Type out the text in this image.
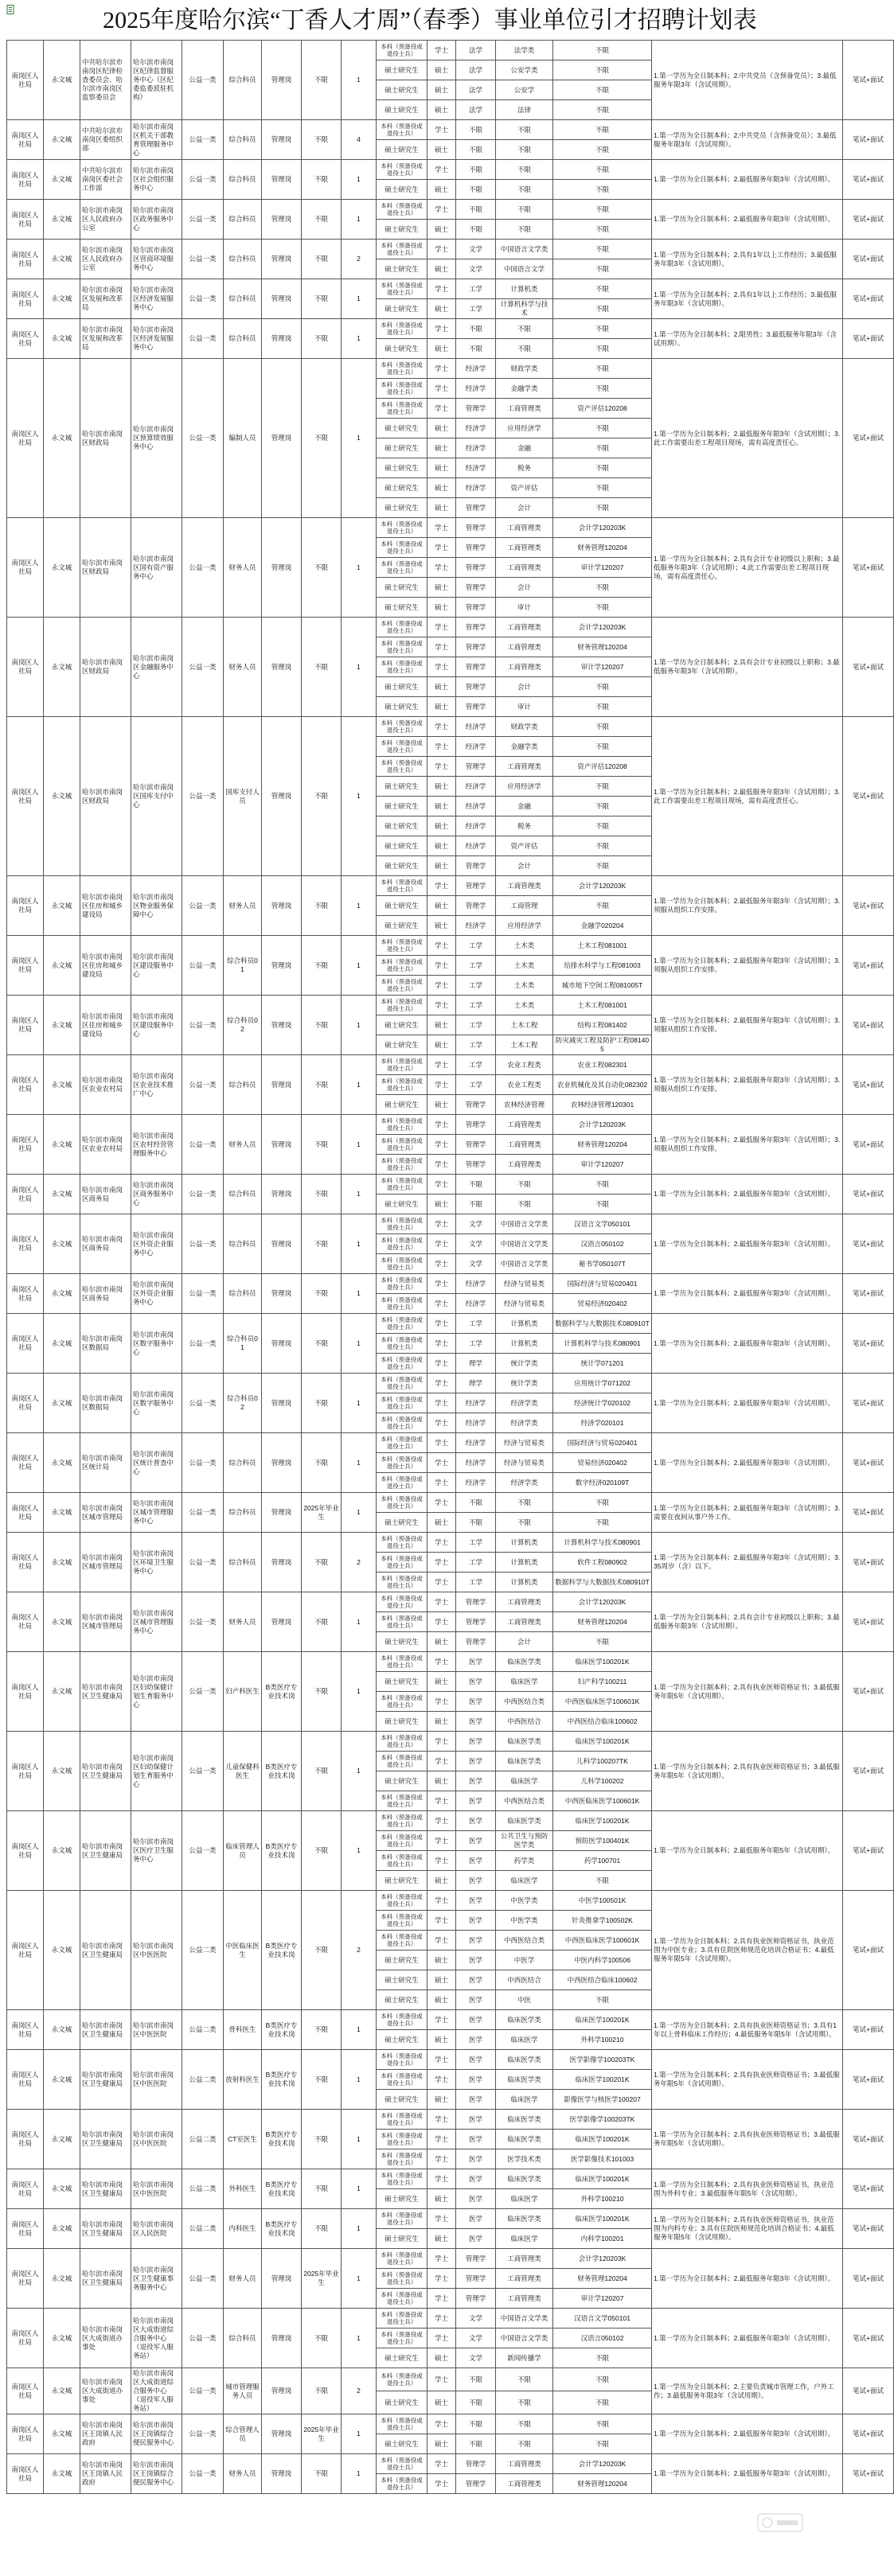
2025年度哈尔滨“丁香人才周”（春季）事业单位引才招聘计划表
南岗区人社局	永文城	中共哈尔滨市南岗区纪律检查委员会、哈尔滨市南岗区监察委员会	哈尔滨市南岗区纪律监督服务中心（区纪委监委派驻机构）	公益一类	综合科员	管理岗	不限	1	本科（预备役或退役士兵）	学士	法学	法学类	不限	1.第一学历为全日制本科；2.中共党员（含预备党员）；3.最低服务年限3年（含试用期）。	笔试+面试
									硕士研究生	硕士	法学	公安学类	不限		
									硕士研究生	硕士	法学	公安学	不限		
									硕士研究生	硕士	法学	法律	不限		
南岗区人社局	永文城	中共哈尔滨市南岗区委组织部	哈尔滨市南岗区机关干部教育管理服务中心	公益一类	综合科员	管理岗	不限	4	本科（预备役或退役士兵）	学士	不限	不限	不限	1.第一学历为全日制本科；2.中共党员（含预备党员）；3.最低服务年限3年（含试用期）。	笔试+面试
									硕士研究生	硕士	不限	不限	不限		
南岗区人社局	永文城	中共哈尔滨市南岗区委社会工作部	哈尔滨市南岗区社会组织服务中心	公益一类	综合科员	管理岗	不限	1	本科（预备役或退役士兵）	学士	不限	不限	不限	1.第一学历为全日制本科；2.最低服务年限3年（含试用期）。	笔试+面试
									硕士研究生	硕士	不限	不限	不限		
南岗区人社局	永文城	哈尔滨市南岗区人民政府办公室	哈尔滨市南岗区政务服务中心	公益一类	综合科员	管理岗	不限	1	本科（预备役或退役士兵）	学士	不限	不限	不限	1.第一学历为全日制本科；2.最低服务年限3年（含试用期）。	笔试+面试
									硕士研究生	硕士	不限	不限	不限		
南岗区人社局	永文城	哈尔滨市南岗区人民政府办公室	哈尔滨市南岗区营商环境服务中心	公益一类	综合科员	管理岗	不限	2	本科（预备役或退役士兵）	学士	文学	中国语言文学类	不限	1.第一学历为全日制本科；2.具有1年以上工作经历；3.最低服务年限3年（含试用期）。	笔试+面试
									硕士研究生	硕士	文学	中国语言文学	不限		
南岗区人社局	永文城	哈尔滨市南岗区发展和改革局	哈尔滨市南岗区经济发展服务中心	公益一类	综合科员	管理岗	不限	1	本科（预备役或退役士兵）	学士	工学	计算机类	不限	1.第一学历为全日制本科；2.具有1年以上工作经历；3.最低服务年限3年（含试用期）。	笔试+面试
									硕士研究生	硕士	工学	计算机科学与技术	不限		
南岗区人社局	永文城	哈尔滨市南岗区发展和改革局	哈尔滨市南岗区经济发展服务中心	公益一类	综合科员	管理岗	不限	1	本科（预备役或退役士兵）	学士	不限	不限	不限	1.第一学历为全日制本科；2.限男性；3.最低服务年限3年（含试用期）。	笔试+面试
									硕士研究生	硕士	不限	不限	不限		
南岗区人社局	永文城	哈尔滨市南岗区财政局	哈尔滨市南岗区预算绩效服务中心	公益一类	编制人员	管理岗	不限	1	本科（预备役或退役士兵）	学士	经济学	财政学类	不限	1.第一学历为全日制本科；2.最低服务年限3年（含试用期）；3.此工作需要出差工程项目现场，需有高度责任心。	笔试+面试
									本科（预备役或退役士兵）	学士	经济学	金融学类	不限		
									本科（预备役或退役士兵）	学士	管理学	工商管理类	资产评估120208		
									硕士研究生	硕士	经济学	应用经济学	不限		
									硕士研究生	硕士	经济学	金融	不限		
									硕士研究生	硕士	经济学	税务	不限		
									硕士研究生	硕士	经济学	资产评估	不限		
									硕士研究生	硕士	管理学	会计	不限		
南岗区人社局	永文城	哈尔滨市南岗区财政局	哈尔滨市南岗区国有资产服务中心	公益一类	财务人员	管理岗	不限	1	本科（预备役或退役士兵）	学士	管理学	工商管理类	会计学120203K	1.第一学历为全日制本科；2.具有会计专业初级以上职称；3.最低服务年限3年（含试用期）；4.此工作需要出差工程项目现场，需有高度责任心。	笔试+面试
									本科（预备役或退役士兵）	学士	管理学	工商管理类	财务管理120204		
									本科（预备役或退役士兵）	学士	管理学	工商管理类	审计学120207		
									硕士研究生	硕士	管理学	会计	不限		
									硕士研究生	硕士	管理学	审计	不限		
南岗区人社局	永文城	哈尔滨市南岗区财政局	哈尔滨市南岗区金融服务中心	公益一类	财务人员	管理岗	不限	1	本科（预备役或退役士兵）	学士	管理学	工商管理类	会计学120203K	1.第一学历为全日制本科；2.具有会计专业初级以上职称；3.最低服务年限3年（含试用期）。	笔试+面试
									本科（预备役或退役士兵）	学士	管理学	工商管理类	财务管理120204		
									本科（预备役或退役士兵）	学士	管理学	工商管理类	审计学120207		
									硕士研究生	硕士	管理学	会计	不限		
									硕士研究生	硕士	管理学	审计	不限		
南岗区人社局	永文城	哈尔滨市南岗区财政局	哈尔滨市南岗区国库支付中心	公益一类	国库支付人员	管理岗	不限	1	本科（预备役或退役士兵）	学士	经济学	财政学类	不限	1.第一学历为全日制本科；2.最低服务年限3年（含试用期）；3.此工作需要出差工程项目现场，需有高度责任心。	笔试+面试
									本科（预备役或退役士兵）	学士	经济学	金融学类	不限		
									本科（预备役或退役士兵）	学士	管理学	工商管理类	资产评估120208		
									硕士研究生	硕士	经济学	应用经济学	不限		
									硕士研究生	硕士	经济学	金融	不限		
									硕士研究生	硕士	经济学	税务	不限		
									硕士研究生	硕士	经济学	资产评估	不限		
									硕士研究生	硕士	管理学	会计	不限		
南岗区人社局	永文城	哈尔滨市南岗区住房和城乡建设局	哈尔滨市南岗区物业服务保障中心	公益一类	财务人员	管理岗	不限	1	本科（预备役或退役士兵）	学士	管理学	工商管理类	会计学120203K	1.第一学历为全日制本科；2.最低服务年限3年（含试用期）；3.须服从组织工作安排。	笔试+面试
									硕士研究生	硕士	管理学	工商管理	不限		
									硕士研究生	硕士	经济学	应用经济学	金融学020204		
南岗区人社局	永文城	哈尔滨市南岗区住房和城乡建设局	哈尔滨市南岗区建设服务中心	公益一类	综合科员01	管理岗	不限	1	本科（预备役或退役士兵）	学士	工学	土木类	土木工程081001	1.第一学历为全日制本科；2.最低服务年限3年（含试用期）；3.须服从组织工作安排。	笔试+面试
									本科（预备役或退役士兵）	学士	工学	土木类	给排水科学与工程081003		
									本科（预备役或退役士兵）	学士	工学	土木类	城市地下空间工程081005T		
南岗区人社局	永文城	哈尔滨市南岗区住房和城乡建设局	哈尔滨市南岗区建设服务中心	公益一类	综合科员02	管理岗	不限	1	本科（预备役或退役士兵）	学士	工学	土木类	土木工程081001	1.第一学历为全日制本科；2.最低服务年限3年（含试用期）；3.须服从组织工作安排。	笔试+面试
									硕士研究生	硕士	工学	土木工程	结构工程081402		
									硕士研究生	硕士	工学	土木工程	防灾减灾工程及防护工程081405		
南岗区人社局	永文城	哈尔滨市南岗区农业农村局	哈尔滨市南岗区农业技术推广中心	公益一类	综合科员	管理岗	不限	1	本科（预备役或退役士兵）	学士	工学	农业工程类	农业工程082301	1.第一学历为全日制本科；2.最低服务年限3年（含试用期）；3.须服从组织工作安排。	笔试+面试
									本科（预备役或退役士兵）	学士	工学	农业工程类	农业机械化及其自动化082302		
									硕士研究生	硕士	管理学	农林经济管理	农林经济管理120301		
南岗区人社局	永文城	哈尔滨市南岗区农业农村局	哈尔滨市南岗区农村经营管理服务中心	公益一类	财务人员	管理岗	不限	1	本科（预备役或退役士兵）	学士	管理学	工商管理类	会计学120203K	1.第一学历为全日制本科；2.最低服务年限3年（含试用期）；3.须服从组织工作安排。	笔试+面试
									本科（预备役或退役士兵）	学士	管理学	工商管理类	财务管理120204		
									本科（预备役或退役士兵）	学士	管理学	工商管理类	审计学120207		
南岗区人社局	永文城	哈尔滨市南岗区商务局	哈尔滨市南岗区商务服务中心	公益一类	综合科员	管理岗	不限	1	本科（预备役或退役士兵）	学士	不限	不限	不限	1.第一学历为全日制本科；2.最低服务年限3年（含试用期）。	笔试+面试
									硕士研究生	硕士	不限	不限	不限		
南岗区人社局	永文城	哈尔滨市南岗区商务局	哈尔滨市南岗区外资企业服务中心	公益一类	综合科员	管理岗	不限	1	本科（预备役或退役士兵）	学士	文学	中国语言文学类	汉语言文学050101	1.第一学历为全日制本科；2.最低服务年限3年（含试用期）。	笔试+面试
									本科（预备役或退役士兵）	学士	文学	中国语言文学类	汉语言050102		
									本科（预备役或退役士兵）	学士	文学	中国语言文学类	秘书学050107T		
南岗区人社局	永文城	哈尔滨市南岗区商务局	哈尔滨市南岗区外资企业服务中心	公益一类	综合科员	管理岗	不限	1	本科（预备役或退役士兵）	学士	经济学	经济与贸易类	国际经济与贸易020401	1.第一学历为全日制本科；2.最低服务年限3年（含试用期）。	笔试+面试
									本科（预备役或退役士兵）	学士	经济学	经济与贸易类	贸易经济020402		
南岗区人社局	永文城	哈尔滨市南岗区数据局	哈尔滨市南岗区数字服务中心	公益一类	综合科员01	管理岗	不限	1	本科（预备役或退役士兵）	学士	工学	计算机类	数据科学与大数据技术080910T	1.第一学历为全日制本科；2.最低服务年限3年（含试用期）。	笔试+面试
									本科（预备役或退役士兵）	学士	工学	计算机类	计算机科学与技术080901		
									本科（预备役或退役士兵）	学士	理学	统计学类	统计学071201		
南岗区人社局	永文城	哈尔滨市南岗区数据局	哈尔滨市南岗区数字服务中心	公益一类	综合科员02	管理岗	不限	1	本科（预备役或退役士兵）	学士	理学	统计学类	应用统计学071202	1.第一学历为全日制本科；2.最低服务年限3年（含试用期）。	笔试+面试
									本科（预备役或退役士兵）	学士	经济学	经济学类	经济统计学020102		
									本科（预备役或退役士兵）	学士	经济学	经济学类	经济学020101		
南岗区人社局	永文城	哈尔滨市南岗区统计局	哈尔滨市南岗区统计普查中心	公益一类	综合科员	管理岗	不限	1	本科（预备役或退役士兵）	学士	经济学	经济与贸易类	国际经济与贸易020401	1.第一学历为全日制本科；2.最低服务年限3年（含试用期）。	笔试+面试
									本科（预备役或退役士兵）	学士	经济学	经济与贸易类	贸易经济020402		
									本科（预备役或退役士兵）	学士	经济学	经济学类	数字经济020109T		
南岗区人社局	永文城	哈尔滨市南岗区城市管理局	哈尔滨市南岗区城市管理服务中心	公益一类	综合科员	管理岗	2025年毕业生	1	本科（预备役或退役士兵）	学士	不限	不限	不限	1.第一学历为全日制本科；2.最低服务年限3年（含试用期）；3.需要在夜间从事户外工作。	笔试+面试
									硕士研究生	硕士	不限	不限	不限		
南岗区人社局	永文城	哈尔滨市南岗区城市管理局	哈尔滨市南岗区环境卫生服务中心	公益一类	综合科员	管理岗	不限	2	本科（预备役或退役士兵）	学士	工学	计算机类	计算机科学与技术080901	1.第一学历为全日制本科；2.最低服务年限3年（含试用期）；3.35周岁（含）以下。	笔试+面试
									本科（预备役或退役士兵）	学士	工学	计算机类	软件工程080902		
									本科（预备役或退役士兵）	学士	工学	计算机类	数据科学与大数据技术080910T		
南岗区人社局	永文城	哈尔滨市南岗区城市管理局	哈尔滨市南岗区城市管理服务中心	公益一类	财务人员	管理岗	不限	1	本科（预备役或退役士兵）	学士	管理学	工商管理类	会计学120203K	1.第一学历为全日制本科；2.具有会计专业初级以上职称；3.最低服务年限3年（含试用期）。	笔试+面试
									本科（预备役或退役士兵）	学士	管理学	工商管理类	财务管理120204		
									硕士研究生	硕士	管理学	会计	不限		
南岗区人社局	永文城	哈尔滨市南岗区卫生健康局	哈尔滨市南岗区妇幼保健计划生育服务中心	公益一类	妇产科医生	B类医疗专业技术岗	不限	1	本科（预备役或退役士兵）	学士	医学	临床医学类	临床医学100201K	1.第一学历为全日制本科；2.具有执业医师资格证书；3.最低服务年限5年（含试用期）。	笔试+面试
									硕士研究生	硕士	医学	临床医学	妇产科学100211		
									本科（预备役或退役士兵）	学士	医学	中西医结合类	中西医临床医学100601K		
									硕士研究生	硕士	医学	中西医结合	中西医结合临床100602		
南岗区人社局	永文城	哈尔滨市南岗区卫生健康局	哈尔滨市南岗区妇幼保健计划生育服务中心	公益一类	儿童保健科医生	B类医疗专业技术岗	不限	1	本科（预备役或退役士兵）	学士	医学	临床医学类	临床医学100201K	1.第一学历为全日制本科；2.具有执业医师资格证书；3.最低服务年限5年（含试用期）。	笔试+面试
									本科（预备役或退役士兵）	学士	医学	临床医学类	儿科学100207TK		
									硕士研究生	硕士	医学	临床医学	儿科学100202		
									本科（预备役或退役士兵）	学士	医学	中西医结合类	中西医临床医学100601K		
南岗区人社局	永文城	哈尔滨市南岗区卫生健康局	哈尔滨市南岗区医疗卫生服务中心	公益一类	临床管理人员	B类医疗专业技术岗	不限	1	本科（预备役或退役士兵）	学士	医学	临床医学类	临床医学100201K	1.第一学历为全日制本科；2.最低服务年限5年（含试用期）。	笔试+面试
									本科（预备役或退役士兵）	学士	医学	公共卫生与预防医学类	预防医学100401K		
									本科（预备役或退役士兵）	学士	医学	药学类	药学100701		
									硕士研究生	硕士	医学	临床医学	不限		
南岗区人社局	永文城	哈尔滨市南岗区卫生健康局	哈尔滨市南岗区中医医院	公益二类	中医临床医生	B类医疗专业技术岗	不限	2	本科（预备役或退役士兵）	学士	医学	中医学类	中医学100501K	1.第一学历为全日制本科；2.具有执业医师资格证书，执业范围为中医专业；3.具有住院医师规范化培训合格证书；4.最低服务年限5年（含试用期）。	笔试+面试
									本科（预备役或退役士兵）	学士	医学	中医学类	针灸推拿学100502K		
									本科（预备役或退役士兵）	学士	医学	中西医结合类	中西医临床医学100601K		
									硕士研究生	硕士	医学	中医学	中医内科学100506		
									硕士研究生	硕士	医学	中西医结合	中西医结合临床100602		
									硕士研究生	硕士	医学	中医	不限		
南岗区人社局	永文城	哈尔滨市南岗区卫生健康局	哈尔滨市南岗区中医医院	公益二类	骨科医生	B类医疗专业技术岗	不限	1	本科（预备役或退役士兵）	学士	医学	临床医学类	临床医学100201K	1.第一学历为全日制本科；2.具有执业医师资格证书；3.具有1年以上骨科临床工作经历；4.最低服务年限5年（含试用期）。	笔试+面试
									硕士研究生	硕士	医学	临床医学	外科学100210		
南岗区人社局	永文城	哈尔滨市南岗区卫生健康局	哈尔滨市南岗区中医医院	公益二类	放射科医生	B类医疗专业技术岗	不限	1	本科（预备役或退役士兵）	学士	医学	临床医学类	医学影像学100203TK	1.第一学历为全日制本科；2.具有执业医师资格证书；3.最低服务年限5年（含试用期）。	笔试+面试
									本科（预备役或退役士兵）	学士	医学	临床医学类	临床医学100201K		
									硕士研究生	硕士	医学	临床医学	影像医学与核医学100207		
南岗区人社局	永文城	哈尔滨市南岗区卫生健康局	哈尔滨市南岗区中医医院	公益二类	CT室医生	B类医疗专业技术岗	不限	1	本科（预备役或退役士兵）	学士	医学	临床医学类	医学影像学100203TK	1.第一学历为全日制本科；2.具有执业医师资格证书；3.最低服务年限5年（含试用期）。	笔试+面试
									本科（预备役或退役士兵）	学士	医学	临床医学类	临床医学100201K		
									本科（预备役或退役士兵）	学士	医学	医学技术类	医学影像技术101003		
南岗区人社局	永文城	哈尔滨市南岗区卫生健康局	哈尔滨市南岗区中医医院	公益二类	外科医生	B类医疗专业技术岗	不限	1	本科（预备役或退役士兵）	学士	医学	临床医学类	临床医学100201K	1.第一学历为全日制本科；2.具有执业医师资格证书，执业范围为外科专业；3.最低服务年限5年（含试用期）。	笔试+面试
									硕士研究生	硕士	医学	临床医学	外科学100210		
南岗区人社局	永文城	哈尔滨市南岗区卫生健康局	哈尔滨市南岗区人民医院	公益二类	内科医生	B类医疗专业技术岗	不限	1	本科（预备役或退役士兵）	学士	医学	临床医学类	临床医学100201K	1.第一学历为全日制本科；2.具有执业医师资格证书，执业范围为内科专业；3.具有住院医师规范化培训合格证书；4.最低服务年限5年（含试用期）。	笔试+面试
									硕士研究生	硕士	医学	临床医学	内科学100201		
南岗区人社局	永文城	哈尔滨市南岗区卫生健康局	哈尔滨市南岗区卫生健康事务服务中心	公益一类	财务人员	管理岗	2025年毕业生	1	本科（预备役或退役士兵）	学士	管理学	工商管理类	会计学120203K	1.第一学历为全日制本科；2.最低服务年限3年（含试用期）。	笔试+面试
									本科（预备役或退役士兵）	学士	管理学	工商管理类	财务管理120204		
									本科（预备役或退役士兵）	学士	管理学	工商管理类	审计学120207		
南岗区人社局	永文城	哈尔滨市南岗区大成街道办事处	哈尔滨市南岗区大成街道综合服务中心（退役军人服务站）	公益一类	综合科员	管理岗	不限	1	本科（预备役或退役士兵）	学士	文学	中国语言文学类	汉语言文学050101	1.第一学历为全日制本科；2.最低服务年限3年（含试用期）。	笔试+面试
									本科（预备役或退役士兵）	学士	文学	中国语言文学类	汉语言050102		
									硕士研究生	硕士	文学	新闻传播学	不限		
南岗区人社局	永文城	哈尔滨市南岗区大成街道办事处	哈尔滨市南岗区大成街道综合服务中心（退役军人服务站）	公益一类	城市管理服务人员	管理岗	不限	2	本科（预备役或退役士兵）	学士	不限	不限	不限	1.第一学历为全日制本科；2.主要负责城市管理工作，户外工作；3.最低服务年限3年（含试用期）。	笔试+面试
									硕士研究生	硕士	不限	不限	不限		
南岗区人社局	永文城	哈尔滨市南岗区王岗镇人民政府	哈尔滨市南岗区王岗镇综合便民服务中心	公益一类	综合管理人员	管理岗	2025年毕业生	1	本科（预备役或退役士兵）	学士	不限	不限	不限	1.第一学历为全日制本科；2.最低服务年限3年（含试用期）。	笔试+面试
									硕士研究生	硕士	不限	不限	不限		
南岗区人社局	永文城	哈尔滨市南岗区王岗镇人民政府	哈尔滨市南岗区王岗镇综合便民服务中心	公益一类	财务人员	管理岗	不限	1	本科（预备役或退役士兵）	学士	管理学	工商管理类	会计学120203K	1.第一学历为全日制本科；2.最低服务年限3年（含试用期）。	笔试+面试
									本科（预备役或退役士兵）	学士	管理学	工商管理类	财务管理120204		
